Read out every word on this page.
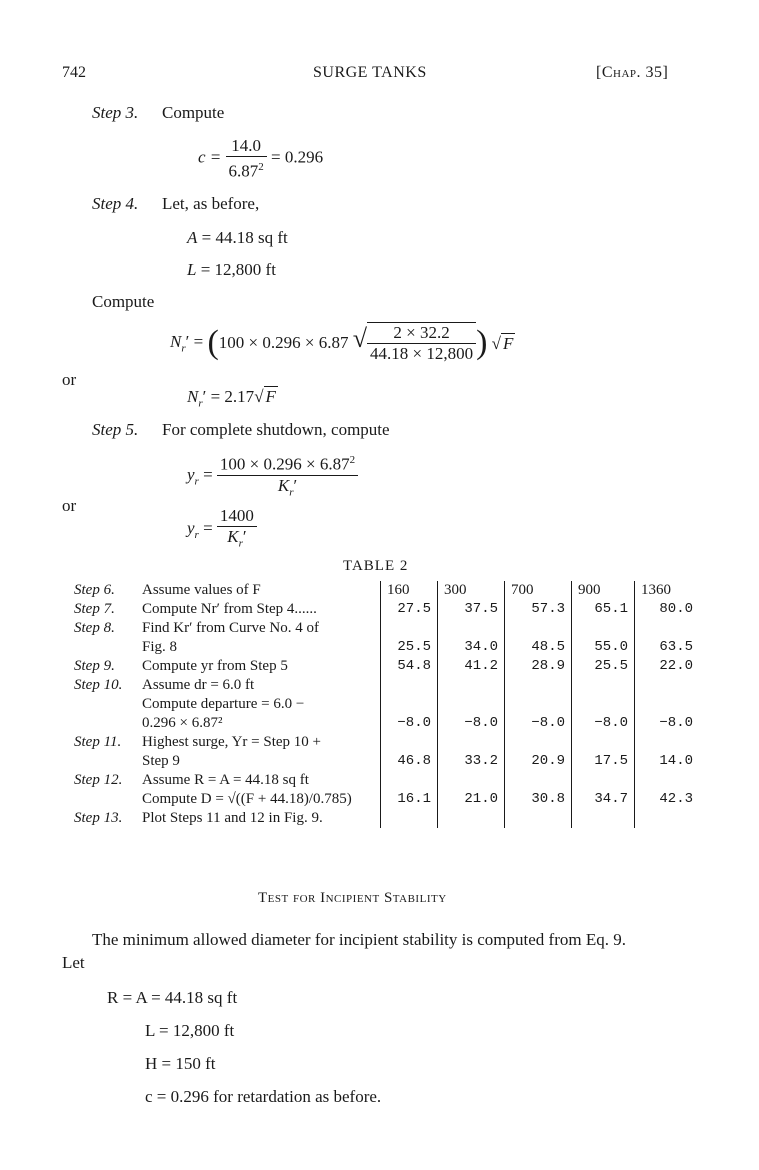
742	SURGE TANKS	[Chap. 35]
Step 3. Compute
$c = \frac{14.0}{6.87^2} = 0.296$
Step 4. Let, as before,
A = 44.18 sq ft
L = 12,800 ft
Compute
$N_r' = (100 \times 0.296 \times 6.87$ √ $\frac{2 \times 32.2}{44.18 \times 12,800}$ ) √ F
or
$N_r' = 2.17√$ F
Step 5. For complete shutdown, compute
$y_r = \frac{100 \times 0.296 \times 6.87^2}{K_r'}$
or
$y_r = \frac{1400}{K_r'}$
TABLE 2
Step 6. Assume values of F	160	300	700	900	1360
Step 7. Compute Nr′ from Step 4......	27.5	37.5	57.3	65.1	80.0
Step 8. Find Kr′ from Curve No. 4 of					
Fig. 8	25.5	34.0	48.5	55.0	63.5
Step 9. Compute yr from Step 5	54.8	41.2	28.9	25.5	22.0
Step 10. Assume dr = 6.0 ft					
Compute departure = 6.0 −					
0.296 × 6.87²	−8.0	−8.0	−8.0	−8.0	−8.0
Step 11. Highest surge, Yr = Step 10 +					
Step 9	46.8	33.2	20.9	17.5	14.0
Step 12. Assume R = A = 44.18 sq ft					
Compute D = √((F + 44.18)/0.785)	16.1	21.0	30.8	34.7	42.3
Step 13. Plot Steps 11 and 12 in Fig. 9.					
Test for Incipient Stability
The minimum allowed diameter for incipient stability is computed from Eq. 9.
Let
R = A = 44.18 sq ft
L = 12,800 ft
H = 150 ft
c = 0.296 for retardation as before.
